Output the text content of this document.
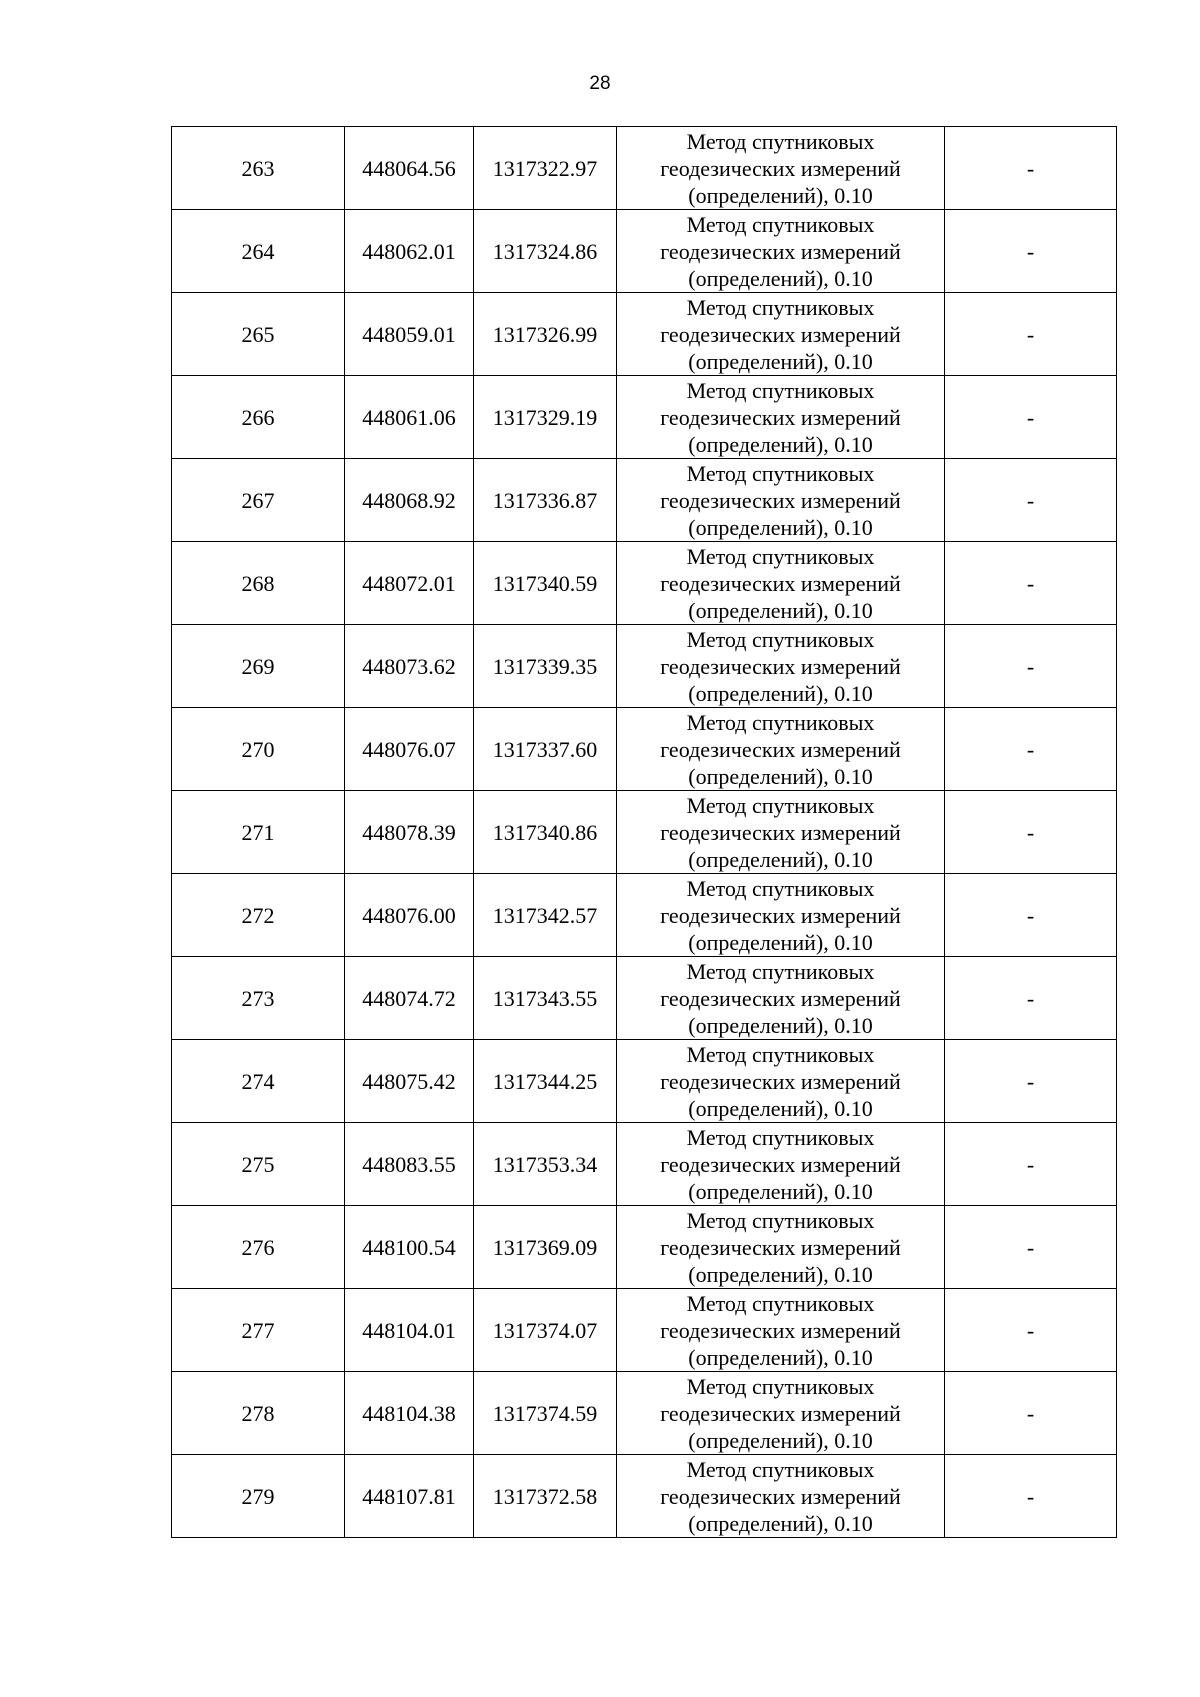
28
263	448064.56	1317322.97	Метод спутниковых
геодезических измерений
(определений), 0.10	-
264	448062.01	1317324.86	Метод спутниковых
геодезических измерений
(определений), 0.10	-
265	448059.01	1317326.99	Метод спутниковых
геодезических измерений
(определений), 0.10	-
266	448061.06	1317329.19	Метод спутниковых
геодезических измерений
(определений), 0.10	-
267	448068.92	1317336.87	Метод спутниковых
геодезических измерений
(определений), 0.10	-
268	448072.01	1317340.59	Метод спутниковых
геодезических измерений
(определений), 0.10	-
269	448073.62	1317339.35	Метод спутниковых
геодезических измерений
(определений), 0.10	-
270	448076.07	1317337.60	Метод спутниковых
геодезических измерений
(определений), 0.10	-
271	448078.39	1317340.86	Метод спутниковых
геодезических измерений
(определений), 0.10	-
272	448076.00	1317342.57	Метод спутниковых
геодезических измерений
(определений), 0.10	-
273	448074.72	1317343.55	Метод спутниковых
геодезических измерений
(определений), 0.10	-
274	448075.42	1317344.25	Метод спутниковых
геодезических измерений
(определений), 0.10	-
275	448083.55	1317353.34	Метод спутниковых
геодезических измерений
(определений), 0.10	-
276	448100.54	1317369.09	Метод спутниковых
геодезических измерений
(определений), 0.10	-
277	448104.01	1317374.07	Метод спутниковых
геодезических измерений
(определений), 0.10	-
278	448104.38	1317374.59	Метод спутниковых
геодезических измерений
(определений), 0.10	-
279	448107.81	1317372.58	Метод спутниковых
геодезических измерений
(определений), 0.10	-
